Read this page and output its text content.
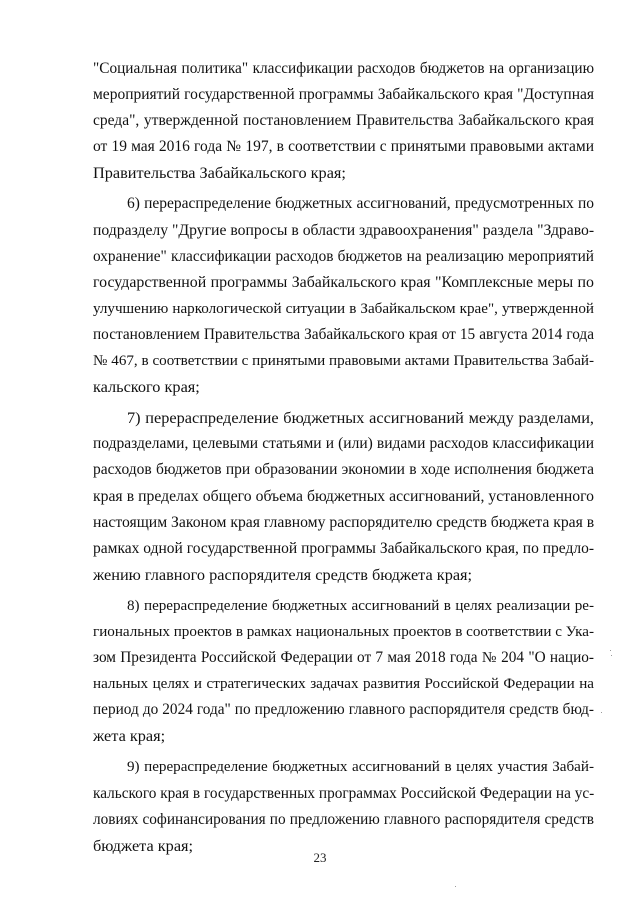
"Социальная политика" классификации расходов бюджетов на организацию
мероприятий государственной программы Забайкальского края "Доступная
среда", утвержденной постановлением Правительства Забайкальского края
от 19 мая 2016 года № 197, в соответствии с принятыми правовыми актами
Правительства Забайкальского края;
6) перераспределение бюджетных ассигнований, предусмотренных по
подразделу "Другие вопросы в области здравоохранения" раздела "Здраво-
охранение" классификации расходов бюджетов на реализацию мероприятий
государственной программы Забайкальского края "Комплексные меры по
улучшению наркологической ситуации в Забайкальском крае", утвержденной
постановлением Правительства Забайкальского края от 15 августа 2014 года
№ 467, в соответствии с принятыми правовыми актами Правительства Забай-
кальского края;
7) перераспределение бюджетных ассигнований между разделами,
подразделами, целевыми статьями и (или) видами расходов классификации
расходов бюджетов при образовании экономии в ходе исполнения бюджета
края в пределах общего объема бюджетных ассигнований, установленного
настоящим Законом края главному распорядителю средств бюджета края в
рамках одной государственной программы Забайкальского края, по предло-
жению главного распорядителя средств бюджета края;
8) перераспределение бюджетных ассигнований в целях реализации ре-
гиональных проектов в рамках национальных проектов в соответствии с Ука-
зом Президента Российской Федерации от 7 мая 2018 года № 204 "О нацио-
нальных целях и стратегических задачах развития Российской Федерации на
период до 2024 года" по предложению главного распорядителя средств бюд-
жета края;
9) перераспределение бюджетных ассигнований в целях участия Забай-
кальского края в государственных программах Российской Федерации на ус-
ловиях софинансирования по предложению главного распорядителя средств
бюджета края;
23
